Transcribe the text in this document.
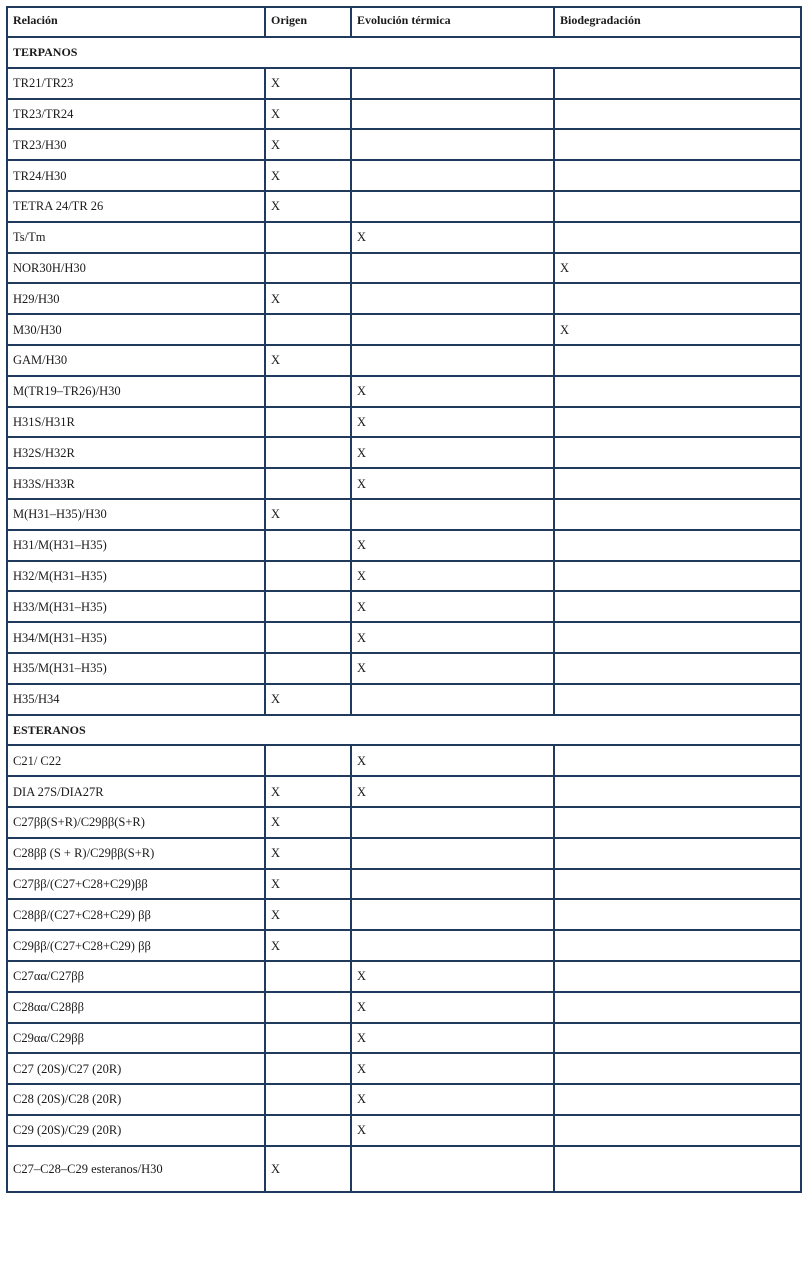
Relación	Origen	Evolución térmica	Biodegradación
TERPANOS			
TR21/TR23	X		
TR23/TR24	X		
TR23/H30	X		
TR24/H30	X		
TETRA 24/TR 26	X		
Ts/Tm		X	
NOR30H/H30			X
H29/H30	X		
M30/H30			X
GAM/H30	X		
M(TR19–TR26)/H30		X	
H31S/H31R		X	
H32S/H32R		X	
H33S/H33R		X	
M(H31–H35)/H30	X		
H31/M(H31–H35)		X	
H32/M(H31–H35)		X	
H33/M(H31–H35)		X	
H34/M(H31–H35)		X	
H35/M(H31–H35)		X	
H35/H34	X		
ESTERANOS			
C21/ C22		X	
DIA 27S/DIA27R	X	X	
C27ββ(S+R)/C29ββ(S+R)	X		
C28ββ (S + R)/C29ββ(S+R)	X		
C27ββ/(C27+C28+C29)ββ	X		
C28ββ/(C27+C28+C29) ββ	X		
C29ββ/(C27+C28+C29) ββ	X		
C27αα/C27ββ		X	
C28αα/C28ββ		X	
C29αα/C29ββ		X	
C27 (20S)/C27 (20R)		X	
C28 (20S)/C28 (20R)		X	
C29 (20S)/C29 (20R)		X	
C27–C28–C29 esteranos/H30	X		
